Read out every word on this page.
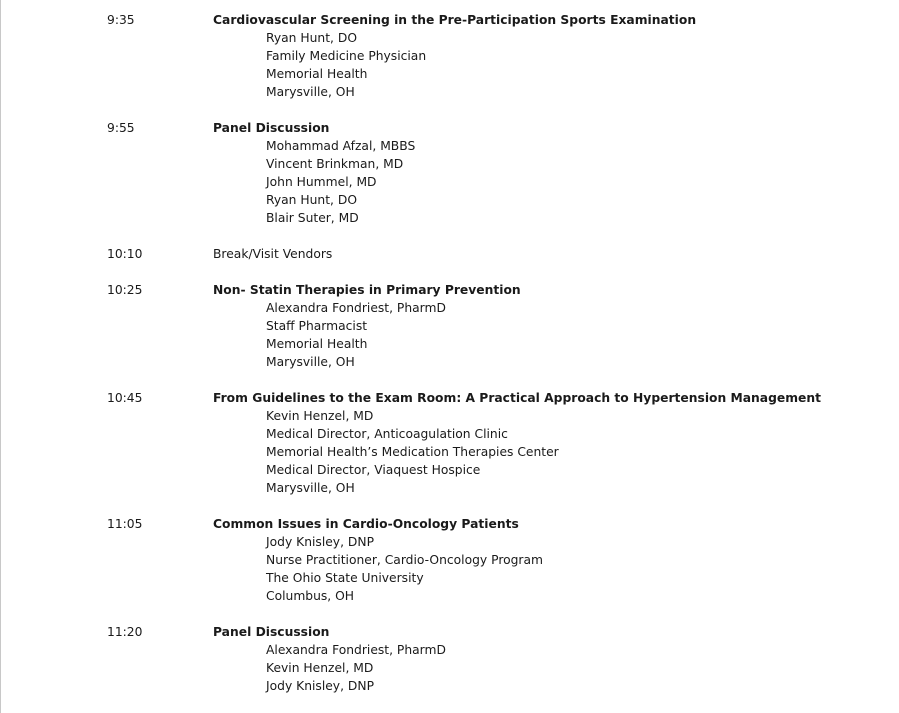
9:35	Cardiovascular Screening in the Pre-Participation Sports Examination
Ryan Hunt, DO
Family Medicine Physician
Memorial Health
Marysville, OH
9:55	Panel Discussion
Mohammad Afzal, MBBS
Vincent Brinkman, MD
John Hummel, MD
Ryan Hunt, DO
Blair Suter, MD
10:10	Break/Visit Vendors
10:25	Non- Statin Therapies in Primary Prevention
Alexandra Fondriest, PharmD
Staff Pharmacist
Memorial Health
Marysville, OH
10:45	From Guidelines to the Exam Room: A Practical Approach to Hypertension Management
Kevin Henzel, MD
Medical Director, Anticoagulation Clinic
Memorial Health’s Medication Therapies Center
Medical Director, Viaquest Hospice
Marysville, OH
11:05	Common Issues in Cardio-Oncology Patients
Jody Knisley, DNP
Nurse Practitioner, Cardio-Oncology Program
The Ohio State University
Columbus, OH
11:20	Panel Discussion
Alexandra Fondriest, PharmD
Kevin Henzel, MD
Jody Knisley, DNP
